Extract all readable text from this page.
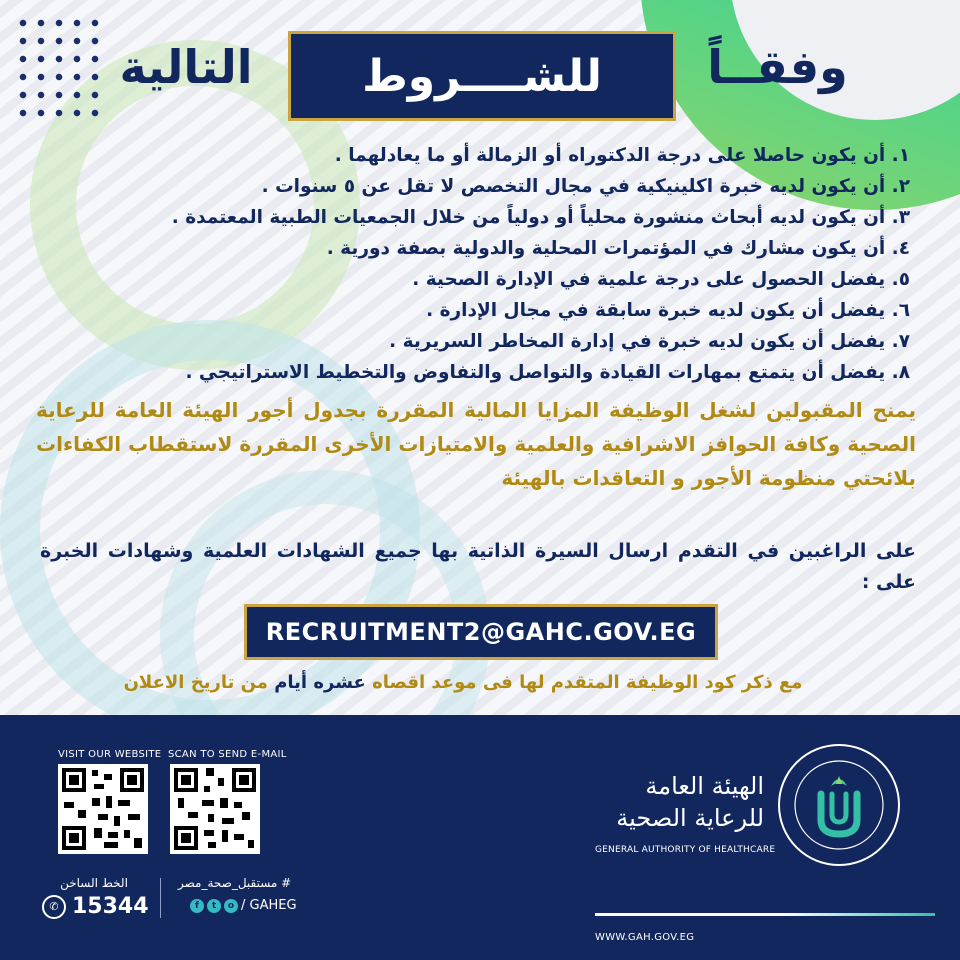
التالية	للشــــروط	وفقــاً
١. أن يكون حاصلا على درجة الدكتوراه أو الزمالة أو ما يعادلهما .
٢. أن يكون لديه خبرة اكلينيكية في مجال التخصص لا تقل عن ٥ سنوات .
٣. أن يكون لديه أبحاث منشورة محلياً أو دولياً من خلال الجمعيات الطبية المعتمدة .
٤. أن يكون مشارك في المؤتمرات المحلية والدولية بصفة دورية .
٥. يفضل الحصول على درجة علمية في الإدارة الصحية .
٦. يفضل أن يكون لديه خبرة سابقة في مجال الإدارة .
٧. يفضل أن يكون لديه خبرة في إدارة المخاطر السريرية .
٨. يفضل أن يتمتع بمهارات القيادة والتواصل والتفاوض والتخطيط الاستراتيجي .

يمنح المقبولين لشغل الوظيفة المزايا المالية المقررة بجدول أجور الهيئة العامة للرعاية الصحية وكافة الحوافز الاشرافية والعلمية والامتيازات الأخرى المقررة لاستقطاب الكفاءات بلائحتي منظومة الأجور و التعاقدات بالهيئة

على الراغبين في التقدم ارسال السيرة الذاتية بها جميع الشهادات العلمية وشهادات الخبرة على :

RECRUITMENT2@GAHC.GOV.EG
مع ذكر كود الوظيفة المتقدم لها فى موعد اقصاه عشره أيام من تاريخ الاعلان
VISIT OUR WEBSITE SCAN TO SEND E-MAIL
الخط الساخن
✆ 15344
# مستقبل_صحة_مصر
f	t	o / GAHEG
الهيئة العامة
للرعاية الصحية
GENERAL AUTHORITY OF HEALTHCARE
WWW.GAH.GOV.EG
